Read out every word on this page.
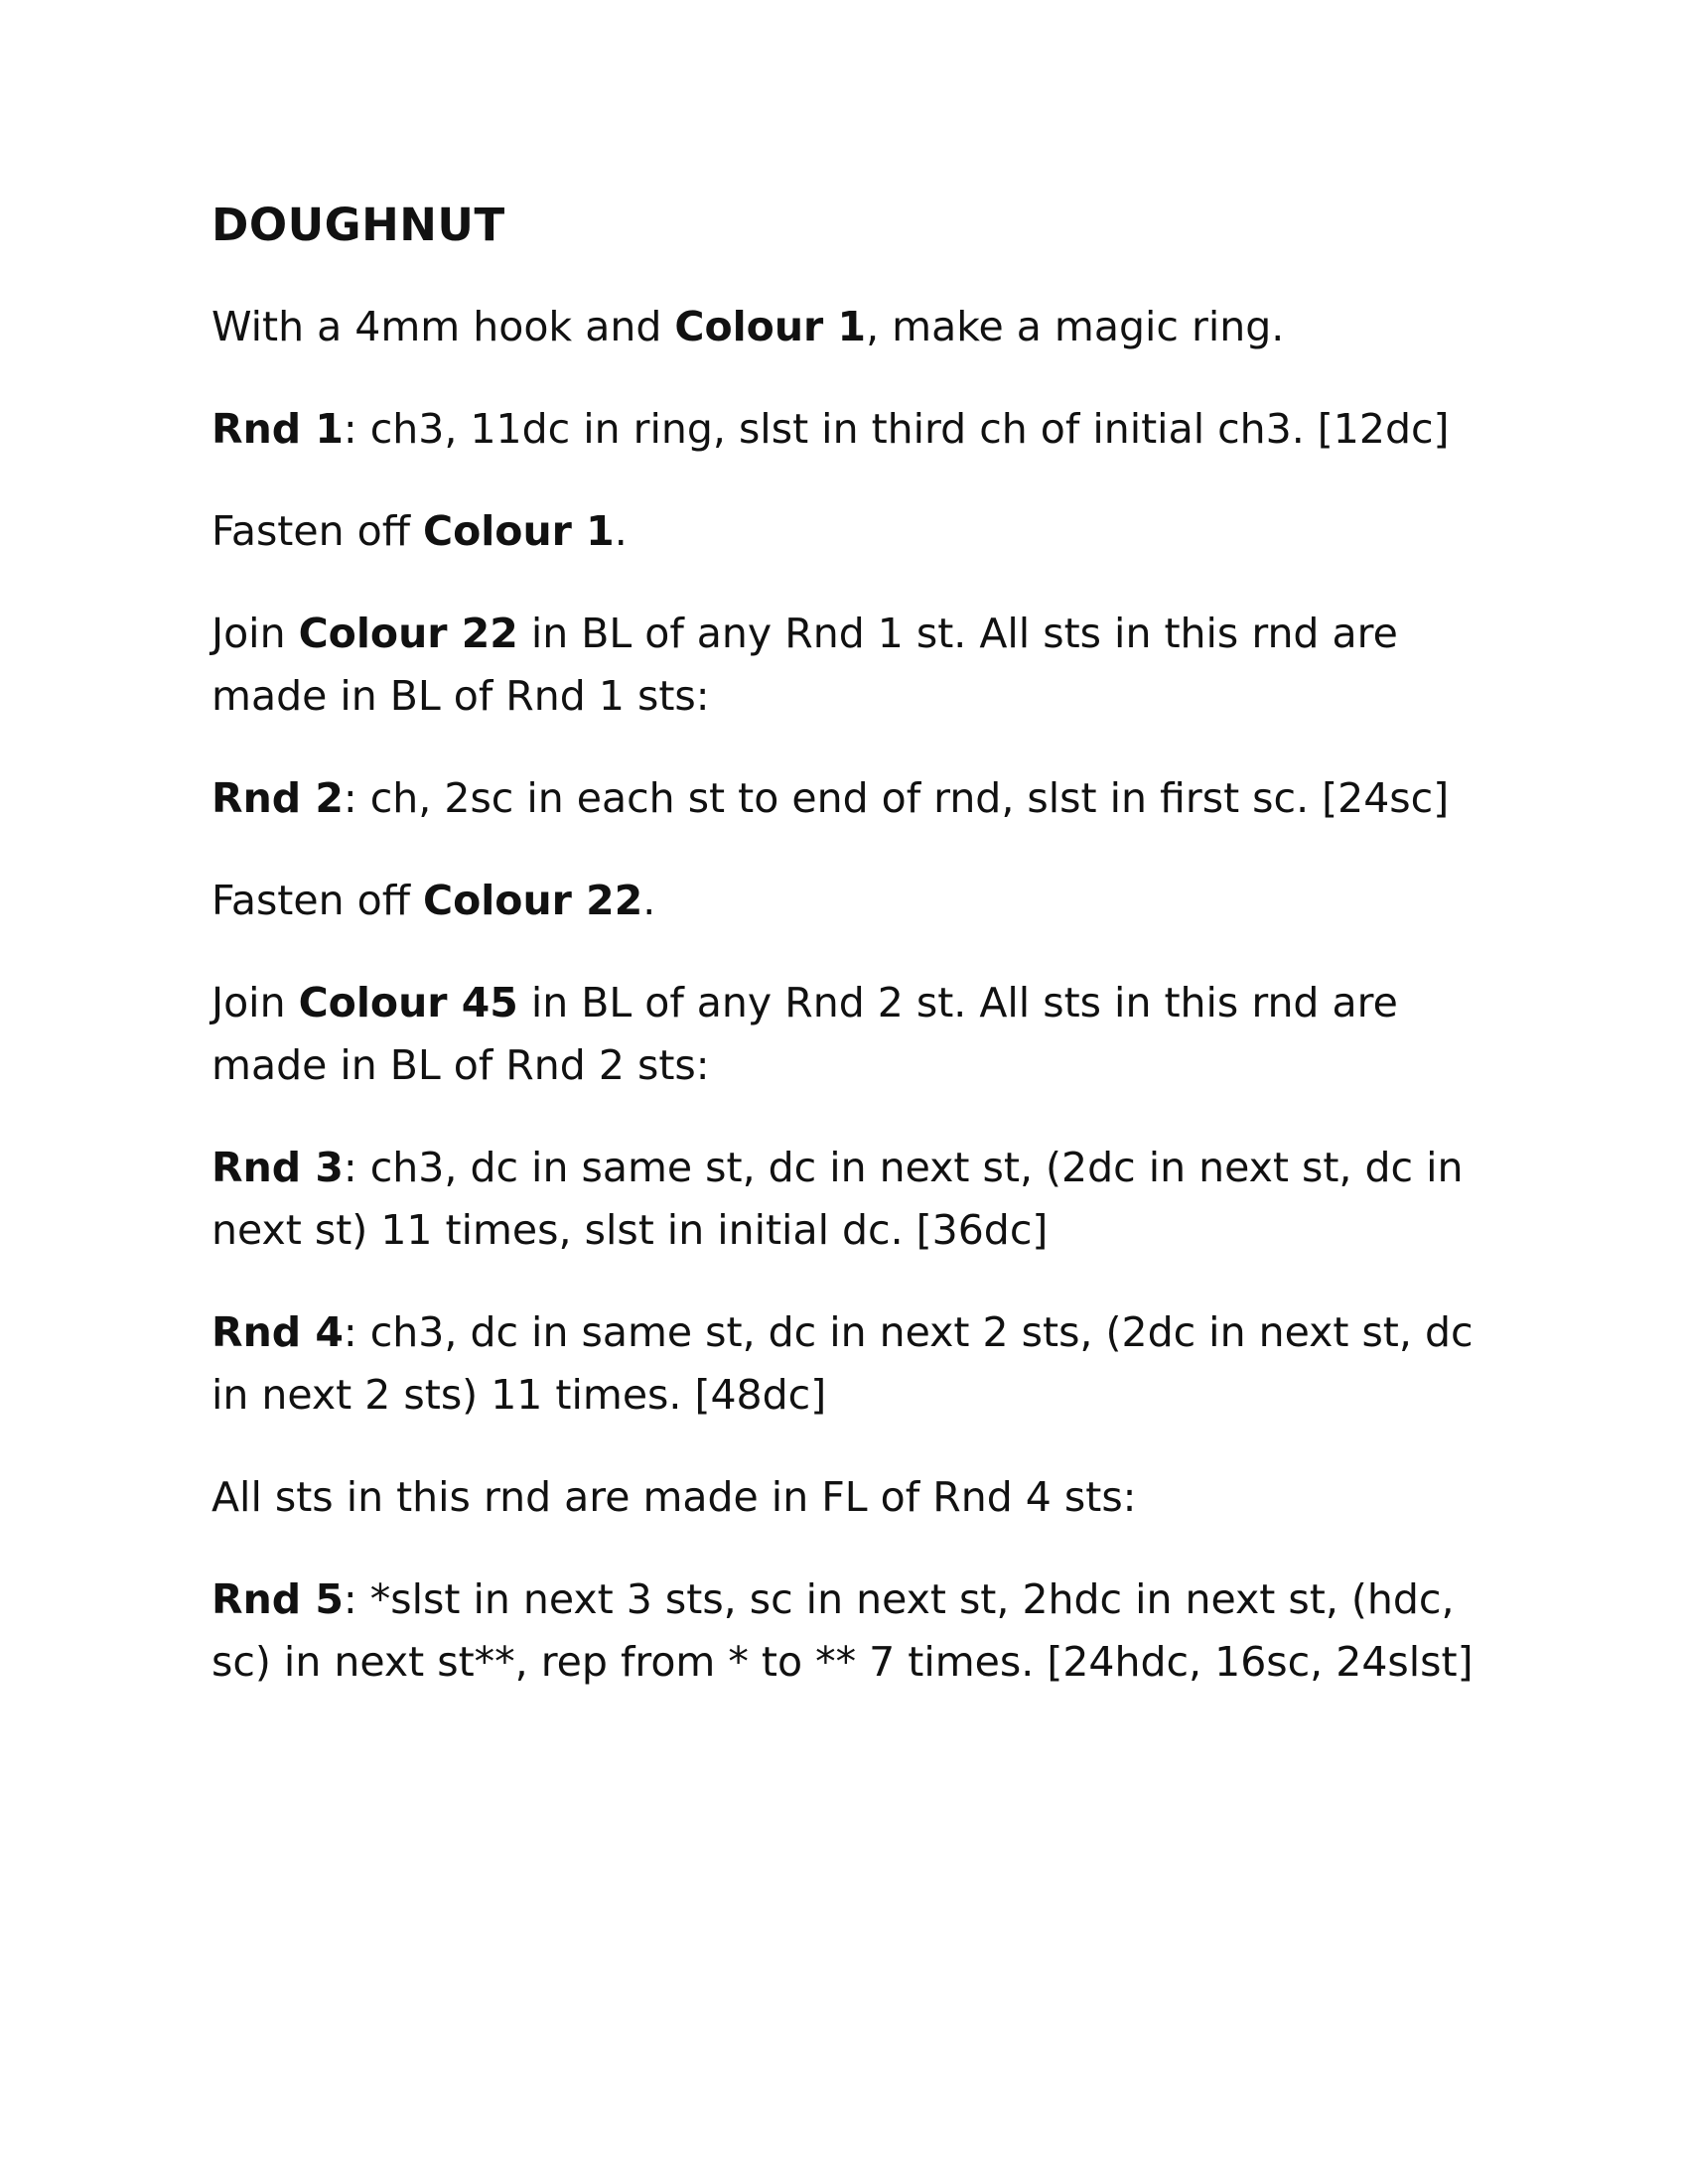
DOUGHNUT

With a 4mm hook and Colour 1, make a magic ring.

Rnd 1: ch3, 11dc in ring, slst in third ch of initial ch3. [12dc]

Fasten off Colour 1.

Join Colour 22 in BL of any Rnd 1 st. All sts in this rnd are made in BL of Rnd 1 sts:

Rnd 2: ch, 2sc in each st to end of rnd, slst in first sc. [24sc]

Fasten off Colour 22.

Join Colour 45 in BL of any Rnd 2 st. All sts in this rnd are made in BL of Rnd 2 sts:

Rnd 3: ch3, dc in same st, dc in next st, (2dc in next st, dc in next st) 11 times, slst in initial dc. [36dc]

Rnd 4: ch3, dc in same st, dc in next 2 sts, (2dc in next st, dc in next 2 sts) 11 times. [48dc]

All sts in this rnd are made in FL of Rnd 4 sts:

Rnd 5: *slst in next 3 sts, sc in next st, 2hdc in next st, (hdc, sc) in next st**, rep from * to ** 7 times. [24hdc, 16sc, 24slst]
